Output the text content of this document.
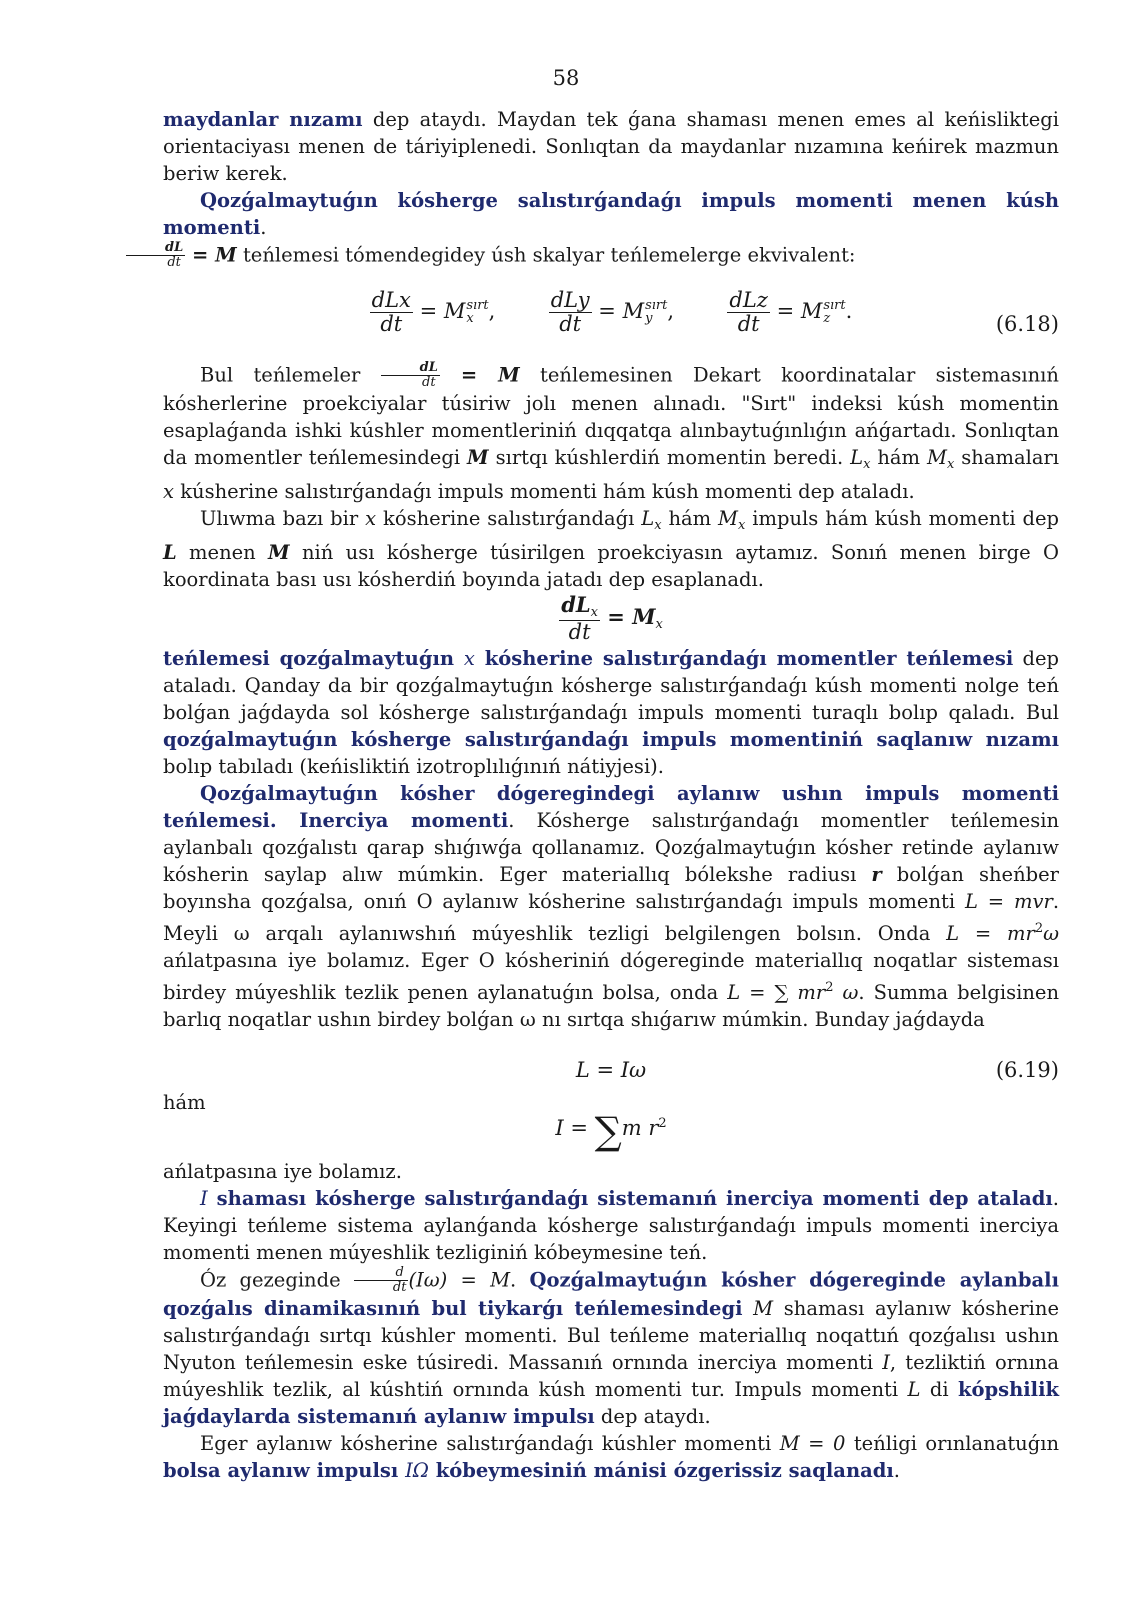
58

maydanlar nızamı dep ataydı. Maydan tek ǵana shaması menen emes al keńisliktegi orientaciyası menen de táriyiplenedi. Sonlıqtan da maydanlar nızamına keńirek mazmun beriw kerek.

Qozǵalmaytuǵın kósherge salıstırǵandaǵı impuls momenti menen kúsh momenti.

$\frac{dL}{dt} = M$ teńlemesi tómendegidey úsh skalyar teńlemelerge ekvivalent:

$\frac{\text{dLx}}{dt} = M$ sırt
x ,	$\frac{\text{dLy}}{dt} = M$ sırt
y ,	$\frac{\text{dLz}}{dt} = M$ sırt
z .
(6.18)

Bul teńlemeler $\frac{dL}{dt} = M$ teńlemesinen Dekart koordinatalar sistemasınıń kósherlerine proekciyalar túsiriw jolı menen alınadı. "Sırt" indeksi kúsh momentin esaplaǵanda ishki kúshler momentleriniń dıqqatqa alınbaytuǵınlıǵın ańǵartadı. Sonlıqtan da momentler teńlemesindegi M sırtqı kúshlerdiń momentin beredi. $L_x$ hám $M_x$ shamaları x kúsherine salıstırǵandaǵı impuls momenti hám kúsh momenti dep ataladı.

Ulıwma bazı bir x kósherine salıstırǵandaǵı $L_x$ hám $M_x$ impuls hám kúsh momenti dep L menen M niń usı kósherge túsirilgen proekciyasın aytamız. Sonıń menen birge O koordinata bası usı kósherdiń boyında jatadı dep esaplanadı.

$\frac{dL_x}{dt} = M_x$

teńlemesi qozǵalmaytuǵın x kósherine salıstırǵandaǵı momentler teńlemesi dep ataladı. Qanday da bir qozǵalmaytuǵın kósherge salıstırǵandaǵı kúsh momenti nolge teń bolǵan jaǵdayda sol kósherge salıstırǵandaǵı impuls momenti turaqlı bolıp qaladı. Bul qozǵalmaytuǵın kósherge salıstırǵandaǵı impuls momentiniń saqlanıw nızamı bolıp tabıladı (keńisliktiń izotroplılıǵınıń nátiyjesi).

Qozǵalmaytuǵın kósher dógeregindegi aylanıw ushın impuls momenti teńlemesi. Inerciya momenti. Kósherge salıstırǵandaǵı momentler teńlemesin aylanbalı qozǵalıstı qarap shıǵıwǵa qollanamız. Qozǵalmaytuǵın kósher retinde aylanıw kósherin saylap alıw múmkin. Eger materiallıq bólekshe radiusı r bolǵan sheńber boyınsha qozǵalsa, onıń O aylanıw kósherine salıstırǵandaǵı impuls momenti L = mvr. Meyli ω arqalı aylanıwshıń múyeshlik tezligi belgilengen bolsın. Onda $L = mr^2\omega$ ańlatpasına iye bolamız. Eger O kósheriniń dógereginde materiallıq noqatlar sisteması birdey múyeshlik tezlik penen aylanatuǵın bolsa, onda L = ∑ $mr^2$ ω. Summa belgisinen barlıq noqatlar ushın birdey bolǵan ω nı sırtqa shıǵarıw múmkin. Bunday jaǵdayda

L = Iω	(6.19)

hám

I = ∑m $r^2$

ańlatpasına iye bolamız.

I shaması kósherge salıstırǵandaǵı sistemanıń inerciya momenti dep ataladı. Keyingi teńleme sistema aylanǵanda kósherge salıstırǵandaǵı impuls momenti inerciya momenti menen múyeshlik tezliginiń kóbeymesine teń.

Óz gezeginde $\frac{d}{dt} (I\omega) = M$. Qozǵalmaytuǵın kósher dógereginde aylanbalı qozǵalıs dinamikasınıń bul tiykarǵı teńlemesindegi M shaması aylanıw kósherine salıstırǵandaǵı sırtqı kúshler momenti. Bul teńleme materiallıq noqattıń qozǵalısı ushın Nyuton teńlemesin eske túsiredi. Massanıń ornında inerciya momenti I, tezliktiń ornına múyeshlik tezlik, al kúshtiń ornında kúsh momenti tur. Impuls momenti L di kópshilik jaǵdaylarda sistemanıń aylanıw impulsı dep ataydı.

Eger aylanıw kósherine salıstırǵandaǵı kúshler momenti M = 0 teńligi orınlanatuǵın bolsa aylanıw impulsı IΩ kóbeymesiniń mánisi ózgerissiz saqlanadı.
